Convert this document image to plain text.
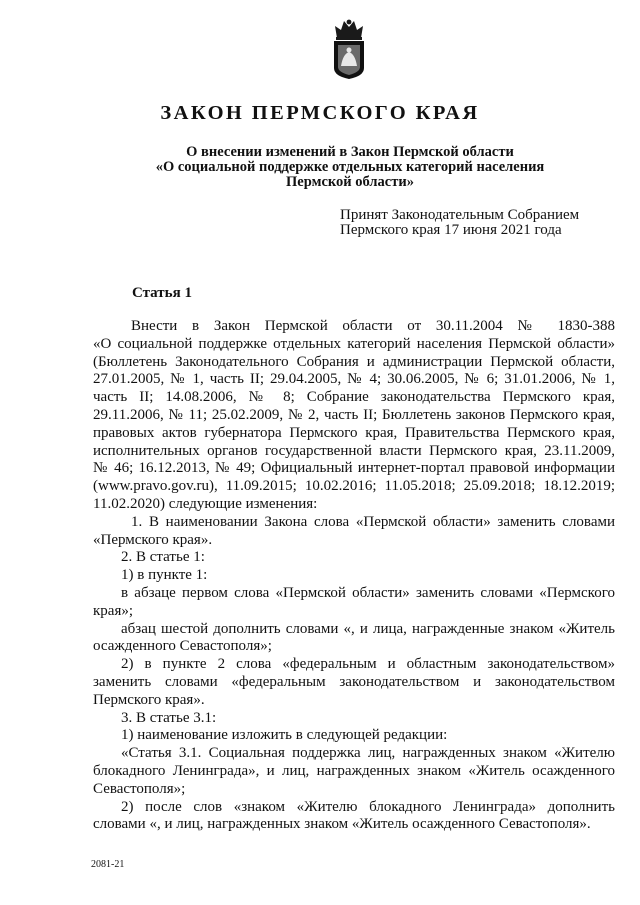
ЗАКОН ПЕРМСКОГО КРАЯ
О внесении изменений в Закон Пермской области
«О социальной поддержке отдельных категорий населения
Пермской области»
Принят Законодательным Собранием
Пермского края 17 июня 2021 года
Статья 1

Внести в Закон Пермской области от 30.11.2004 № 1830-388

«О социальной поддержке отдельных категорий населения Пермской области»

(Бюллетень Законодательного Собрания и администрации Пермской области,

27.01.2005, № 1, часть II; 29.04.2005, № 4; 30.06.2005, № 6; 31.01.2006, № 1,

часть II; 14.08.2006, № 8; Собрание законодательства Пермского края,

29.11.2006, № 11; 25.02.2009, № 2, часть II; Бюллетень законов Пермского края,

правовых актов губернатора Пермского края, Правительства Пермского края,

исполнительных органов государственной власти Пермского края, 23.11.2009,

№ 46; 16.12.2013, № 49; Официальный интернет-портал правовой информации

(www.pravo.gov.ru), 11.09.2015; 10.02.2016; 11.05.2018; 25.09.2018; 18.12.2019;

11.02.2020) следующие изменения:

1. В наименовании Закона слова «Пермской области» заменить словами «Пермского края».

2. В статье 1:

1) в пункте 1:

в абзаце первом слова «Пермской области» заменить словами «Пермского края»;

абзац шестой дополнить словами «, и лица, награжденные знаком «Житель осажденного Севастополя»;

2) в пункте 2 слова «федеральным и областным законодательством» заменить словами «федеральным законодательством и законодательством Пермского края».

3. В статье 3.1:

1) наименование изложить в следующей редакции:

«Статья 3.1. Социальная поддержка лиц, награжденных знаком «Жителю блокадного Ленинграда», и лиц, награжденных знаком «Житель осажденного Севастополя»;

2) после слов «знаком «Жителю блокадного Ленинграда» дополнить словами «, и лиц, награжденных знаком «Житель осажденного Севастополя».

2081-21
